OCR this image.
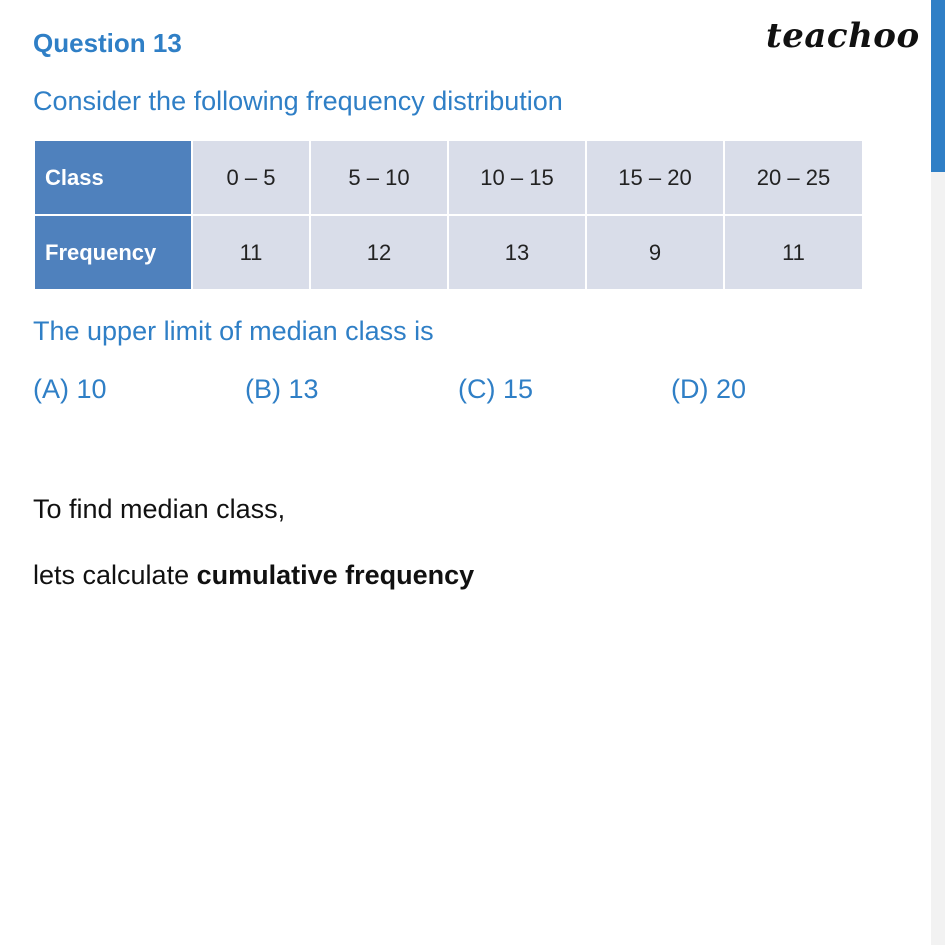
Question 13	teachoo
Consider the following frequency distribution
Class	0 – 5	5 – 10	10 – 15	15 – 20	20 – 25
Frequency	11	12	13	9	11
The upper limit of median class is
(A) 10	(B) 13	(C) 15	(D) 20
To find median class,
lets calculate cumulative frequency
